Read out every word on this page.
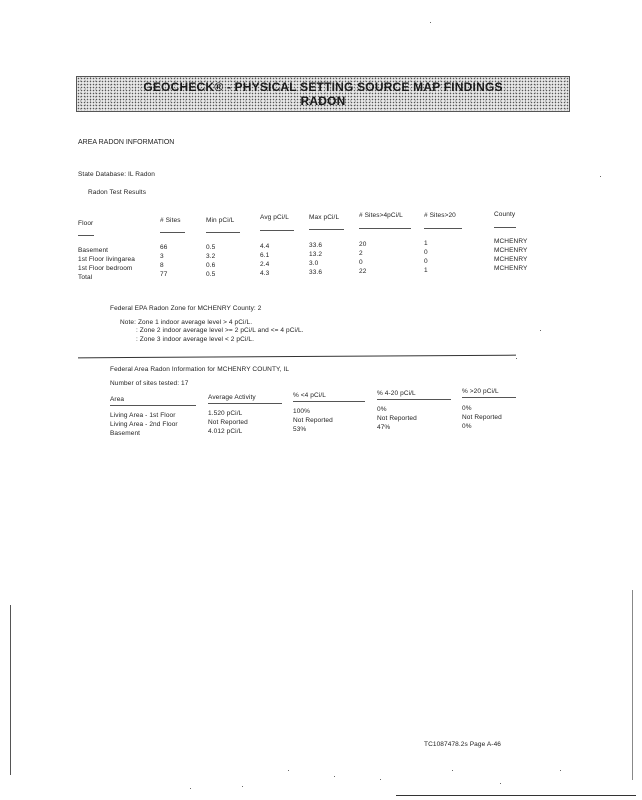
GEOCHECK® - PHYSICAL SETTING SOURCE MAP FINDINGS
RADON
AREA RADON INFORMATION
State Database: IL Radon
Radon Test Results
Floor	# Sites	Min pCi/L	Avg pCi/L	Max pCi/L	# Sites>4pCi/L	# Sites>20	County
Basement	66	0.5	4.4	33.6	20	1	MCHENRY
1st Floor livingarea	3	3.2	6.1	13.2	2	0	MCHENRY
1st Floor bedroom	8	0.6	2.4	3.0	0	0	MCHENRY
Total	77	0.5	4.3	33.6	22	1	MCHENRY
Federal EPA Radon Zone for MCHENRY County: 2
Note: Zone 1 indoor average level > 4 pCi/L.
: Zone 2 indoor average level >= 2 pCi/L and <= 4 pCi/L.
: Zone 3 indoor average level < 2 pCi/L.
Federal Area Radon Information for MCHENRY COUNTY, IL
Number of sites tested: 17
Area	Average Activity	% <4 pCi/L	% 4-20 pCi/L	% >20 pCi/L
Living Area - 1st Floor	1.520 pCi/L	100%	0%	0%
Living Area - 2nd Floor	Not Reported	Not Reported	Not Reported	Not Reported
Basement	4.012 pCi/L	53%	47%	0%
TC1087478.2s Page A-46
